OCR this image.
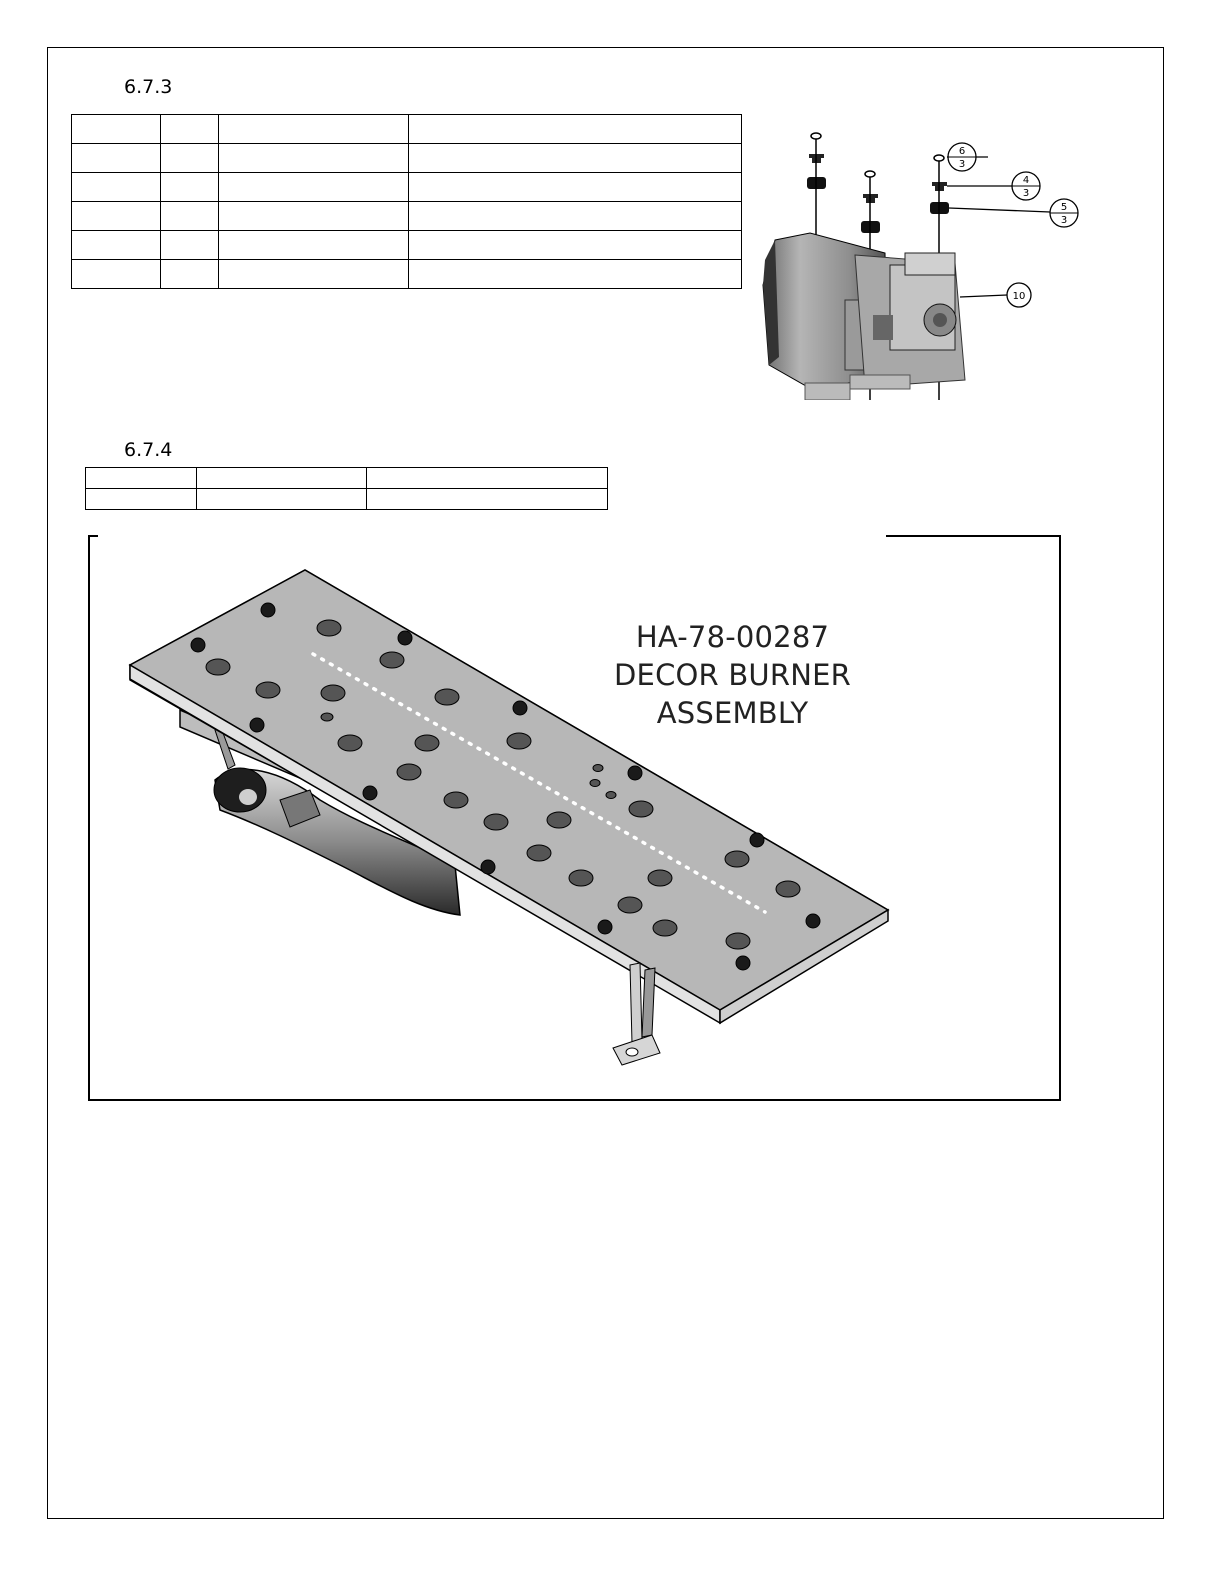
6.7.3

6
3
4
3
5
3
10
6.7.4

HA-78-00287
DECOR BURNER
ASSEMBLY
